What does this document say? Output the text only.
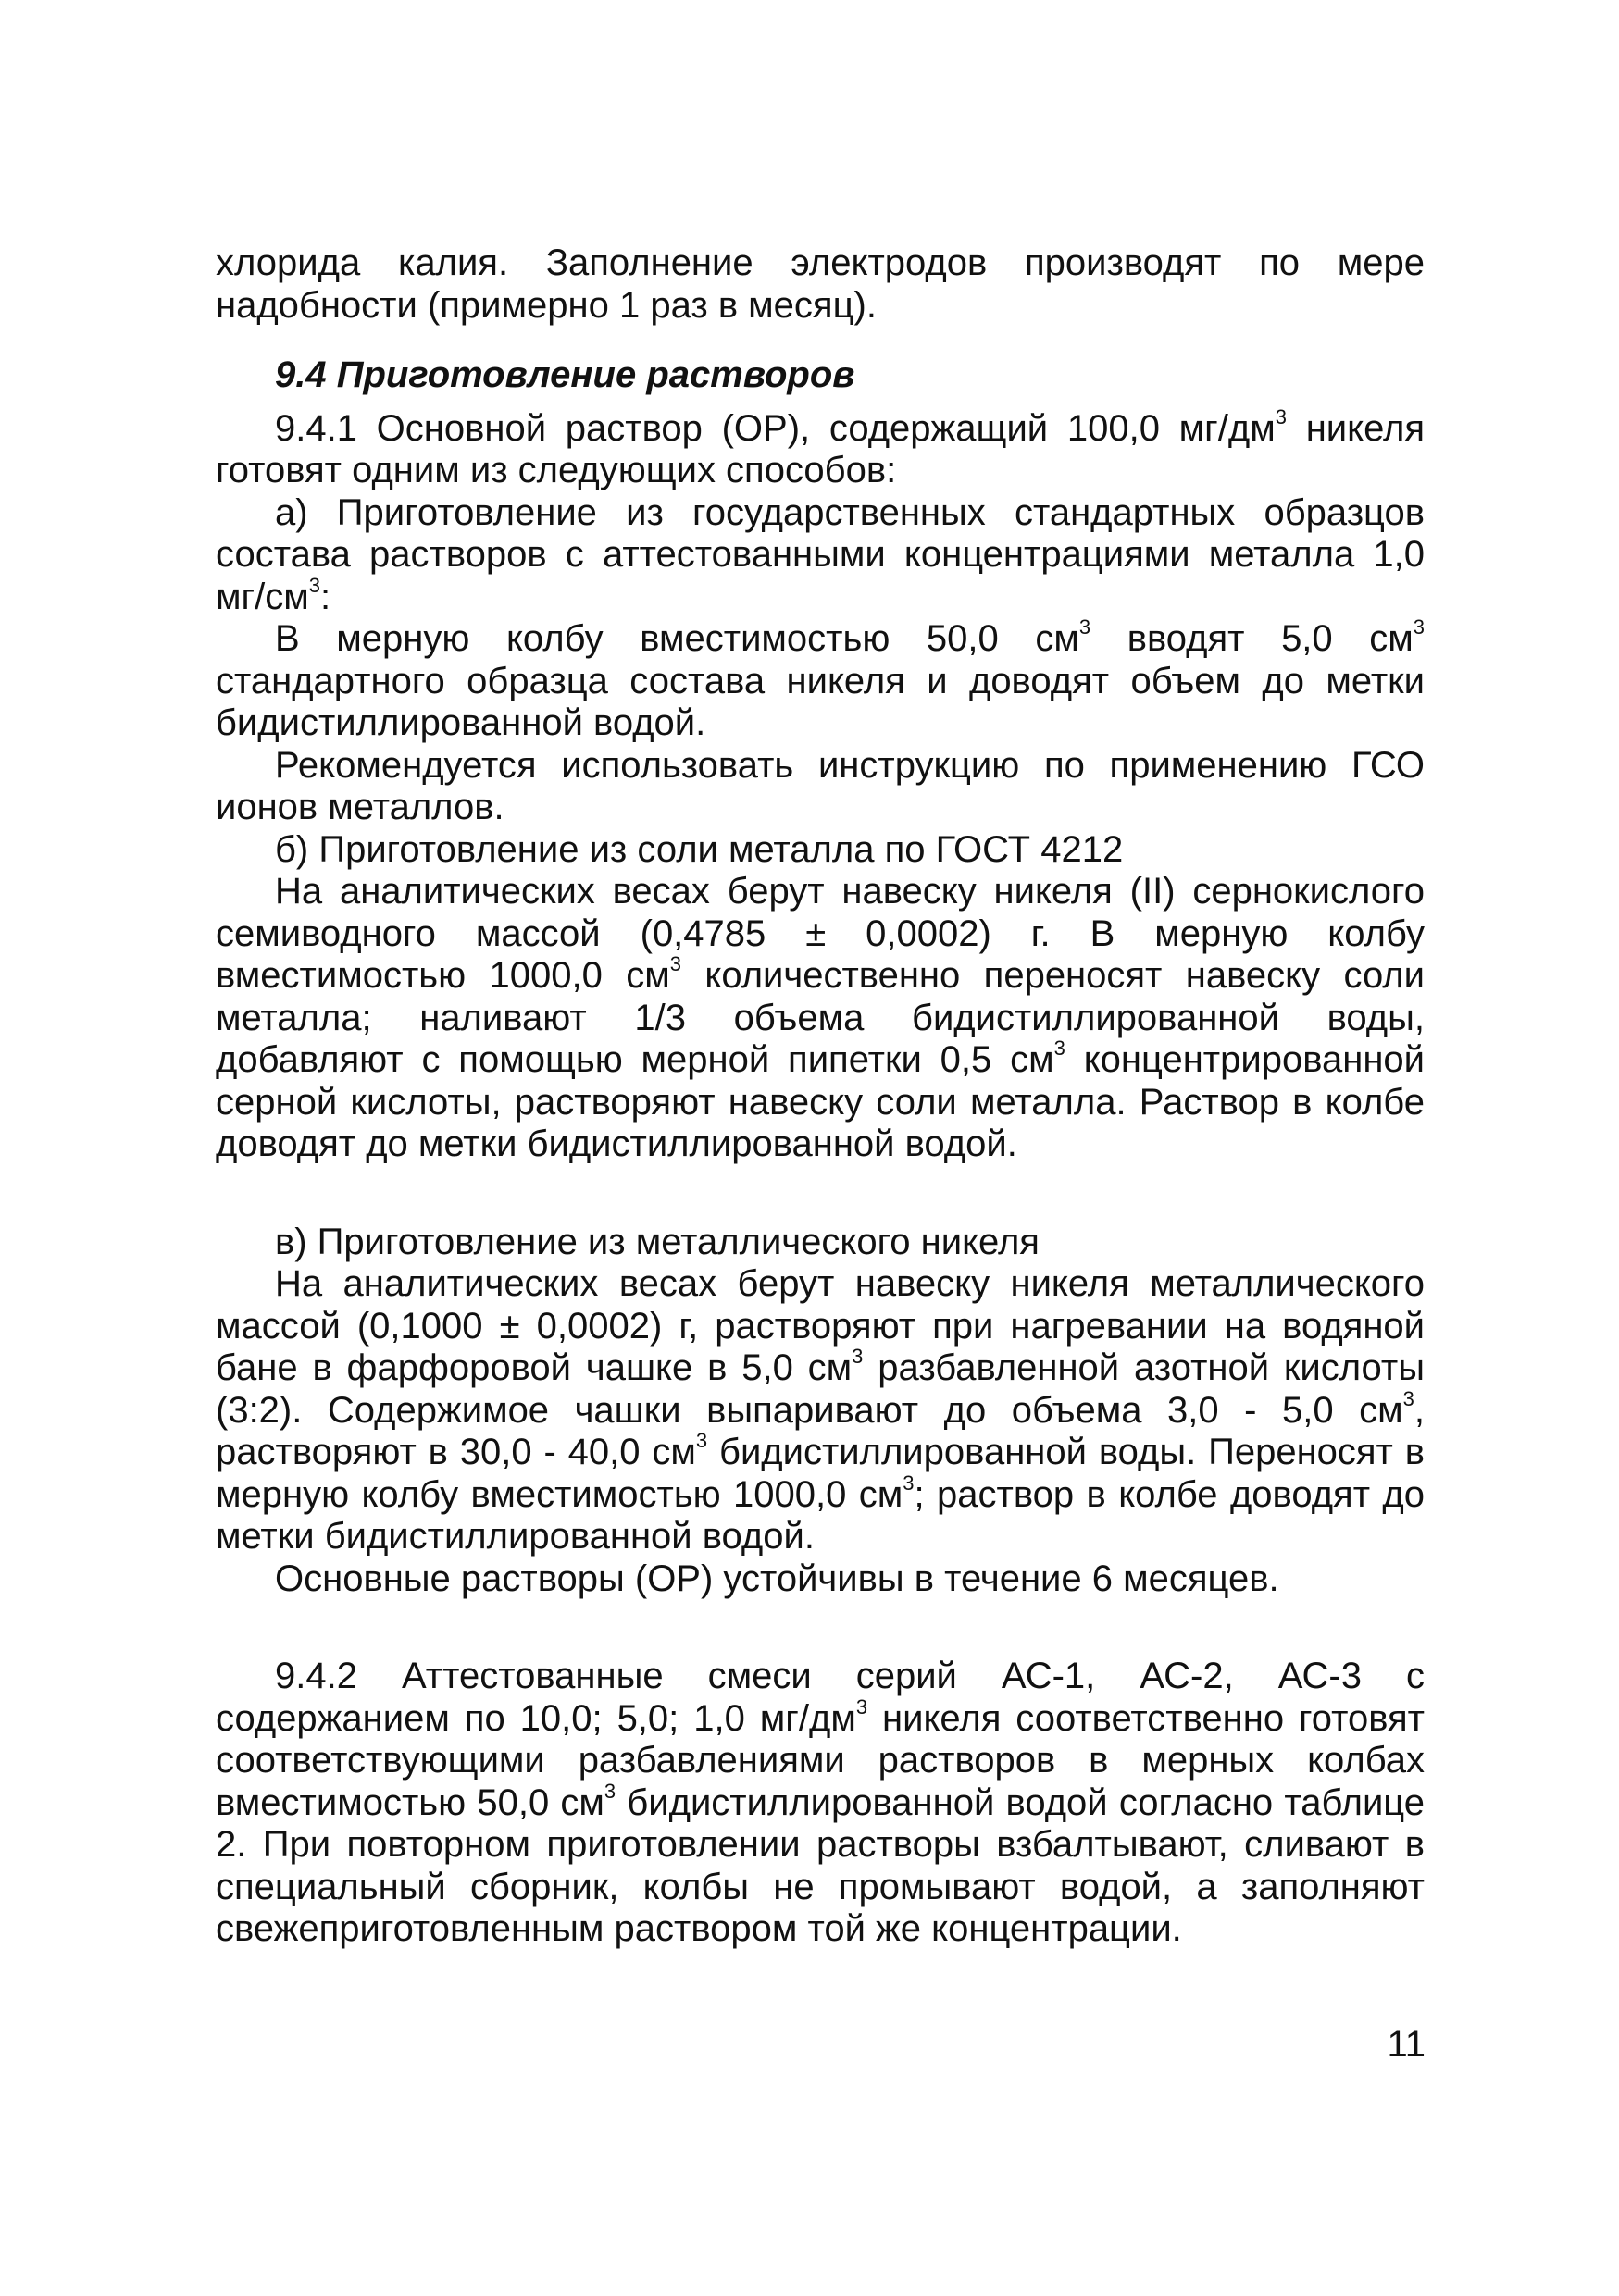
хлорида калия. Заполнение электродов производят по мере надобности (примерно 1 раз в месяц).

9.4 Приготовление растворов

9.4.1 Основной раствор (ОР), содержащий 100,0 $мг/дм^3$ никеля готовят одним из следующих способов:

а) Приготовление из государственных стандартных образцов состава растворов с аттестованными концентрациями металла 1,0 $мг/см^3$:

В мерную колбу вместимостью 50,0 $см^3$ вводят 5,0 $см^3$ стандартного образца состава никеля и доводят объем до метки бидистиллированной водой.

Рекомендуется использовать инструкцию по применению ГСО ионов металлов.

б) Приготовление из соли металла по ГОСТ 4212

На аналитических весах берут навеску никеля (II) сернокислого семиводного массой (0,4785 ± 0,0002) г. В мерную колбу вместимостью 1000,0 $см^3$ количественно переносят навеску соли металла; наливают 1/3 объема бидистиллированной воды, добавляют с помощью мерной пипетки 0,5 $см^3$ концентрированной серной кислоты, растворяют навеску соли металла. Раствор в колбе доводят до метки бидистиллированной водой.

в) Приготовление из металлического никеля

На аналитических весах берут навеску никеля металлического массой (0,1000 ± 0,0002) г, растворяют при нагревании на водяной бане в фарфоровой чашке в 5,0 $см^3$ разбавленной азотной кислоты (3:2). Содержимое чашки выпаривают до объема 3,0 - 5,0 $см^3$, растворяют в 30,0 - 40,0 $см^3$ бидистиллированной воды. Переносят в мерную колбу вместимостью 1000,0 $см^3$; раствор в колбе доводят до метки бидистиллированной водой.

Основные растворы (ОР) устойчивы в течение 6 месяцев.

9.4.2 Аттестованные смеси серий АС-1, АС-2, АС-3 с содержанием по 10,0; 5,0; 1,0 $мг/дм^3$ никеля соответственно готовят соответствующими разбавлениями растворов в мерных колбах вместимостью 50,0 $см^3$ бидистиллированной водой согласно таблице 2. При повторном приготовлении растворы взбалтывают, сливают в специальный сборник, колбы не промывают водой, а заполняют свежеприготовленным раствором той же концентрации.

11
